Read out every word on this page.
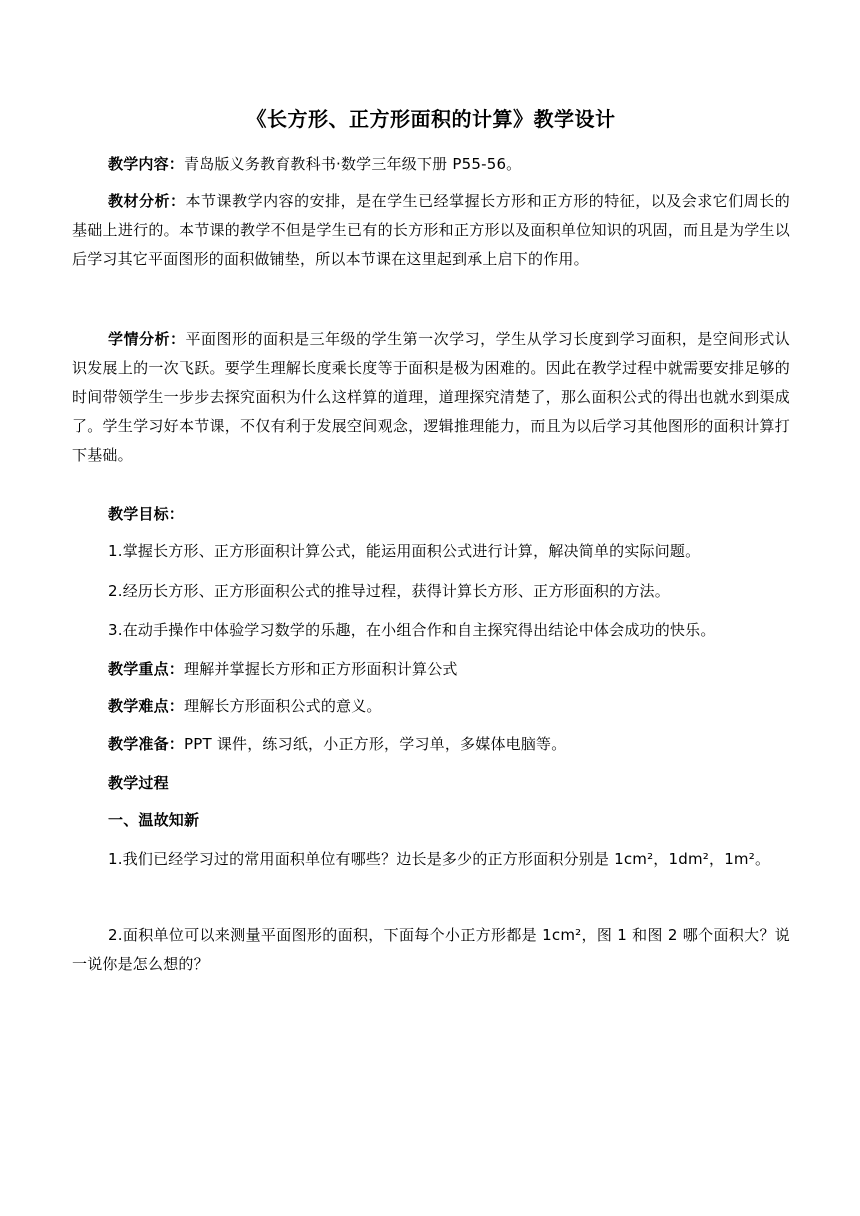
《长方形、正方形面积的计算》教学设计
教学内容：青岛版义务教育教科书·数学三年级下册 P55-56。
教材分析：本节课教学内容的安排，是在学生已经掌握长方形和正方形的特征，以及会求它们周长的基础上进行的。本节课的教学不但是学生已有的长方形和正方形以及面积单位知识的巩固，而且是为学生以后学习其它平面图形的面积做铺垫，所以本节课在这里起到承上启下的作用。
学情分析：平面图形的面积是三年级的学生第一次学习，学生从学习长度到学习面积，是空间形式认识发展上的一次飞跃。要学生理解长度乘长度等于面积是极为困难的。因此在教学过程中就需要安排足够的时间带领学生一步步去探究面积为什么这样算的道理，道理探究清楚了，那么面积公式的得出也就水到渠成了。学生学习好本节课，不仅有利于发展空间观念，逻辑推理能力，而且为以后学习其他图形的面积计算打下基础。
教学目标：
1.掌握长方形、正方形面积计算公式，能运用面积公式进行计算，解决简单的实际问题。
2.经历长方形、正方形面积公式的推导过程，获得计算长方形、正方形面积的方法。
3.在动手操作中体验学习数学的乐趣，在小组合作和自主探究得出结论中体会成功的快乐。
教学重点：理解并掌握长方形和正方形面积计算公式
教学难点：理解长方形面积公式的意义。
教学准备：PPT 课件，练习纸，小正方形，学习单，多媒体电脑等。
教学过程
一、温故知新
1.我们已经学习过的常用面积单位有哪些？边长是多少的正方形面积分别是 1cm²，1dm²，1m²。
2.面积单位可以来测量平面图形的面积，下面每个小正方形都是 1cm²，图 1 和图 2 哪个面积大？说一说你是怎么想的？
